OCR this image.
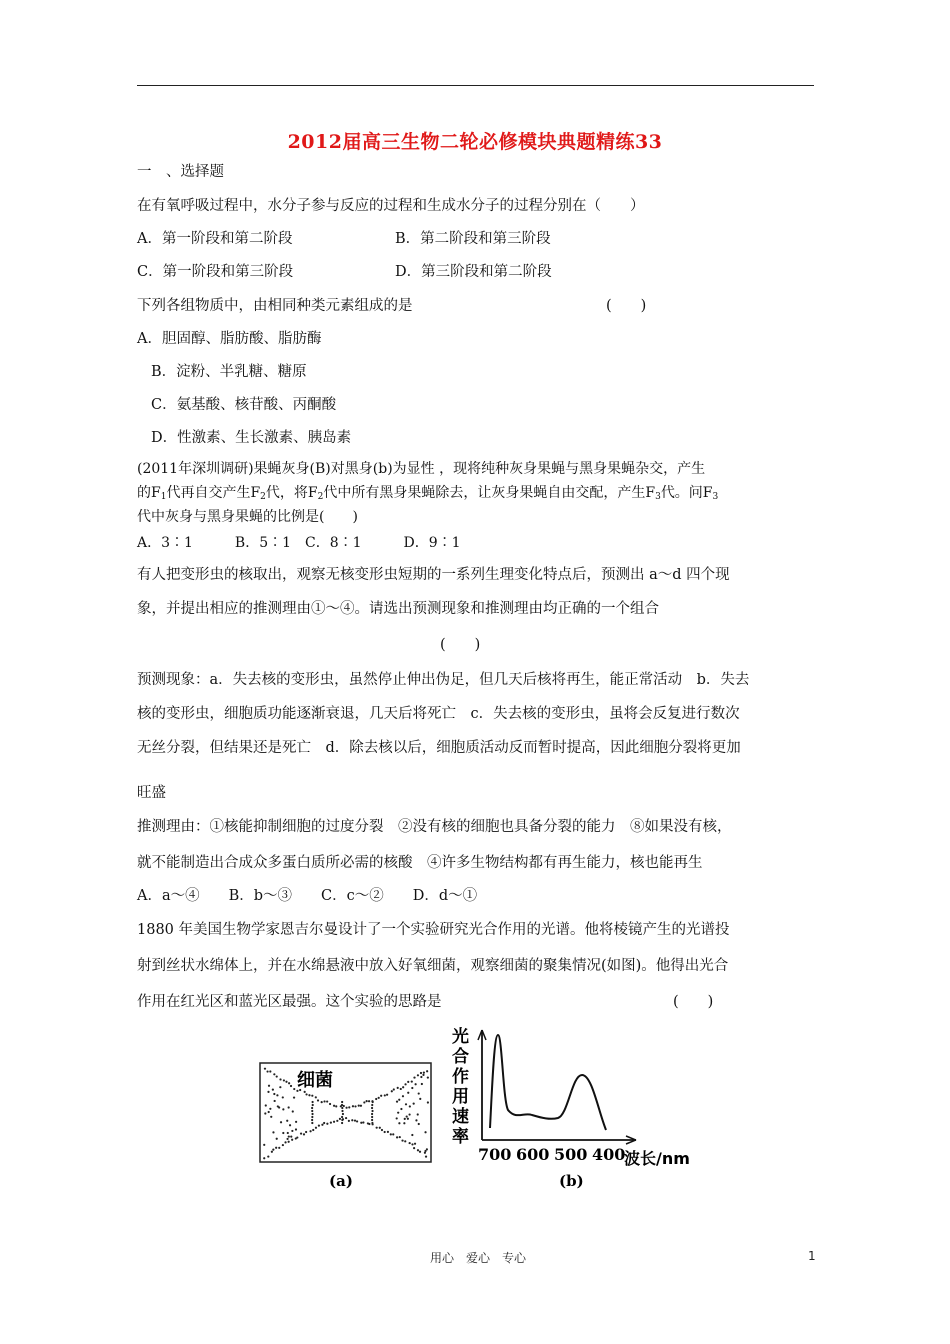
2012届高三生物二轮必修模块典题精练33
一　、选择题
在有氧呼吸过程中，水分子参与反应的过程和生成水分子的过程分别在（　　）
A．第一阶段和第二阶段	B．第二阶段和第三阶段
C．第一阶段和第三阶段	D．第三阶段和第二阶段
下列各组物质中，由相同种类元素组成的是	(　　)
A．胆固醇、脂肪酸、脂肪酶
B．淀粉、半乳糖、糖原
C．氨基酸、核苷酸、丙酮酸
D．性激素、生长激素、胰岛素
(2011年深圳调研)果蝇灰身(B)对黑身(b)为显性 ，现将纯种灰身果蝇与黑身果蝇杂交，产生
的$F_1$代再自交产生$F_2$代，将$F_2$代中所有黑身果蝇除去，让灰身果蝇自由交配，产生$F_3$代。问$F_3$
代中灰身与黑身果蝇的比例是(　　)
A．3∶1　　　B．5∶1　C．8∶1　　　D．9∶1
有人把变形虫的核取出，观察无核变形虫短期的一系列生理变化特点后，预测出 a～d 四个现
象，并提出相应的推测理由①～④。请选出预测现象和推测理由均正确的一个组合
(　　)
预测现象：a．失去核的变形虫，虽然停止伸出伪足，但几天后核将再生，能正常活动　b．失去
核的变形虫，细胞质功能逐渐衰退，几天后将死亡　c．失去核的变形虫，虽将会反复进行数次
无丝分裂，但结果还是死亡　d．除去核以后，细胞质活动反而暂时提高，因此细胞分裂将更加
旺盛
推测理由：①核能抑制细胞的过度分裂　②没有核的细胞也具备分裂的能力　⑧如果没有核，
就不能制造出合成众多蛋白质所必需的核酸　④许多生物结构都有再生能力，核也能再生
A．a～④　　B．b～③　　C．c～②　　D．d～①
1880 年美国生物学家恩吉尔曼设计了一个实验研究光合作用的光谱。他将棱镜产生的光谱投
射到丝状水绵体上，并在水绵悬液中放入好氧细菌，观察细菌的聚集情况(如图)。他得出光合
作用在红光区和蓝光区最强。这个实验的思路是	(　　)
细菌
(a)
光
合
作
用
速
率
700 600 500 400
波长/nm
(b)
用心　爱心　专心	1
